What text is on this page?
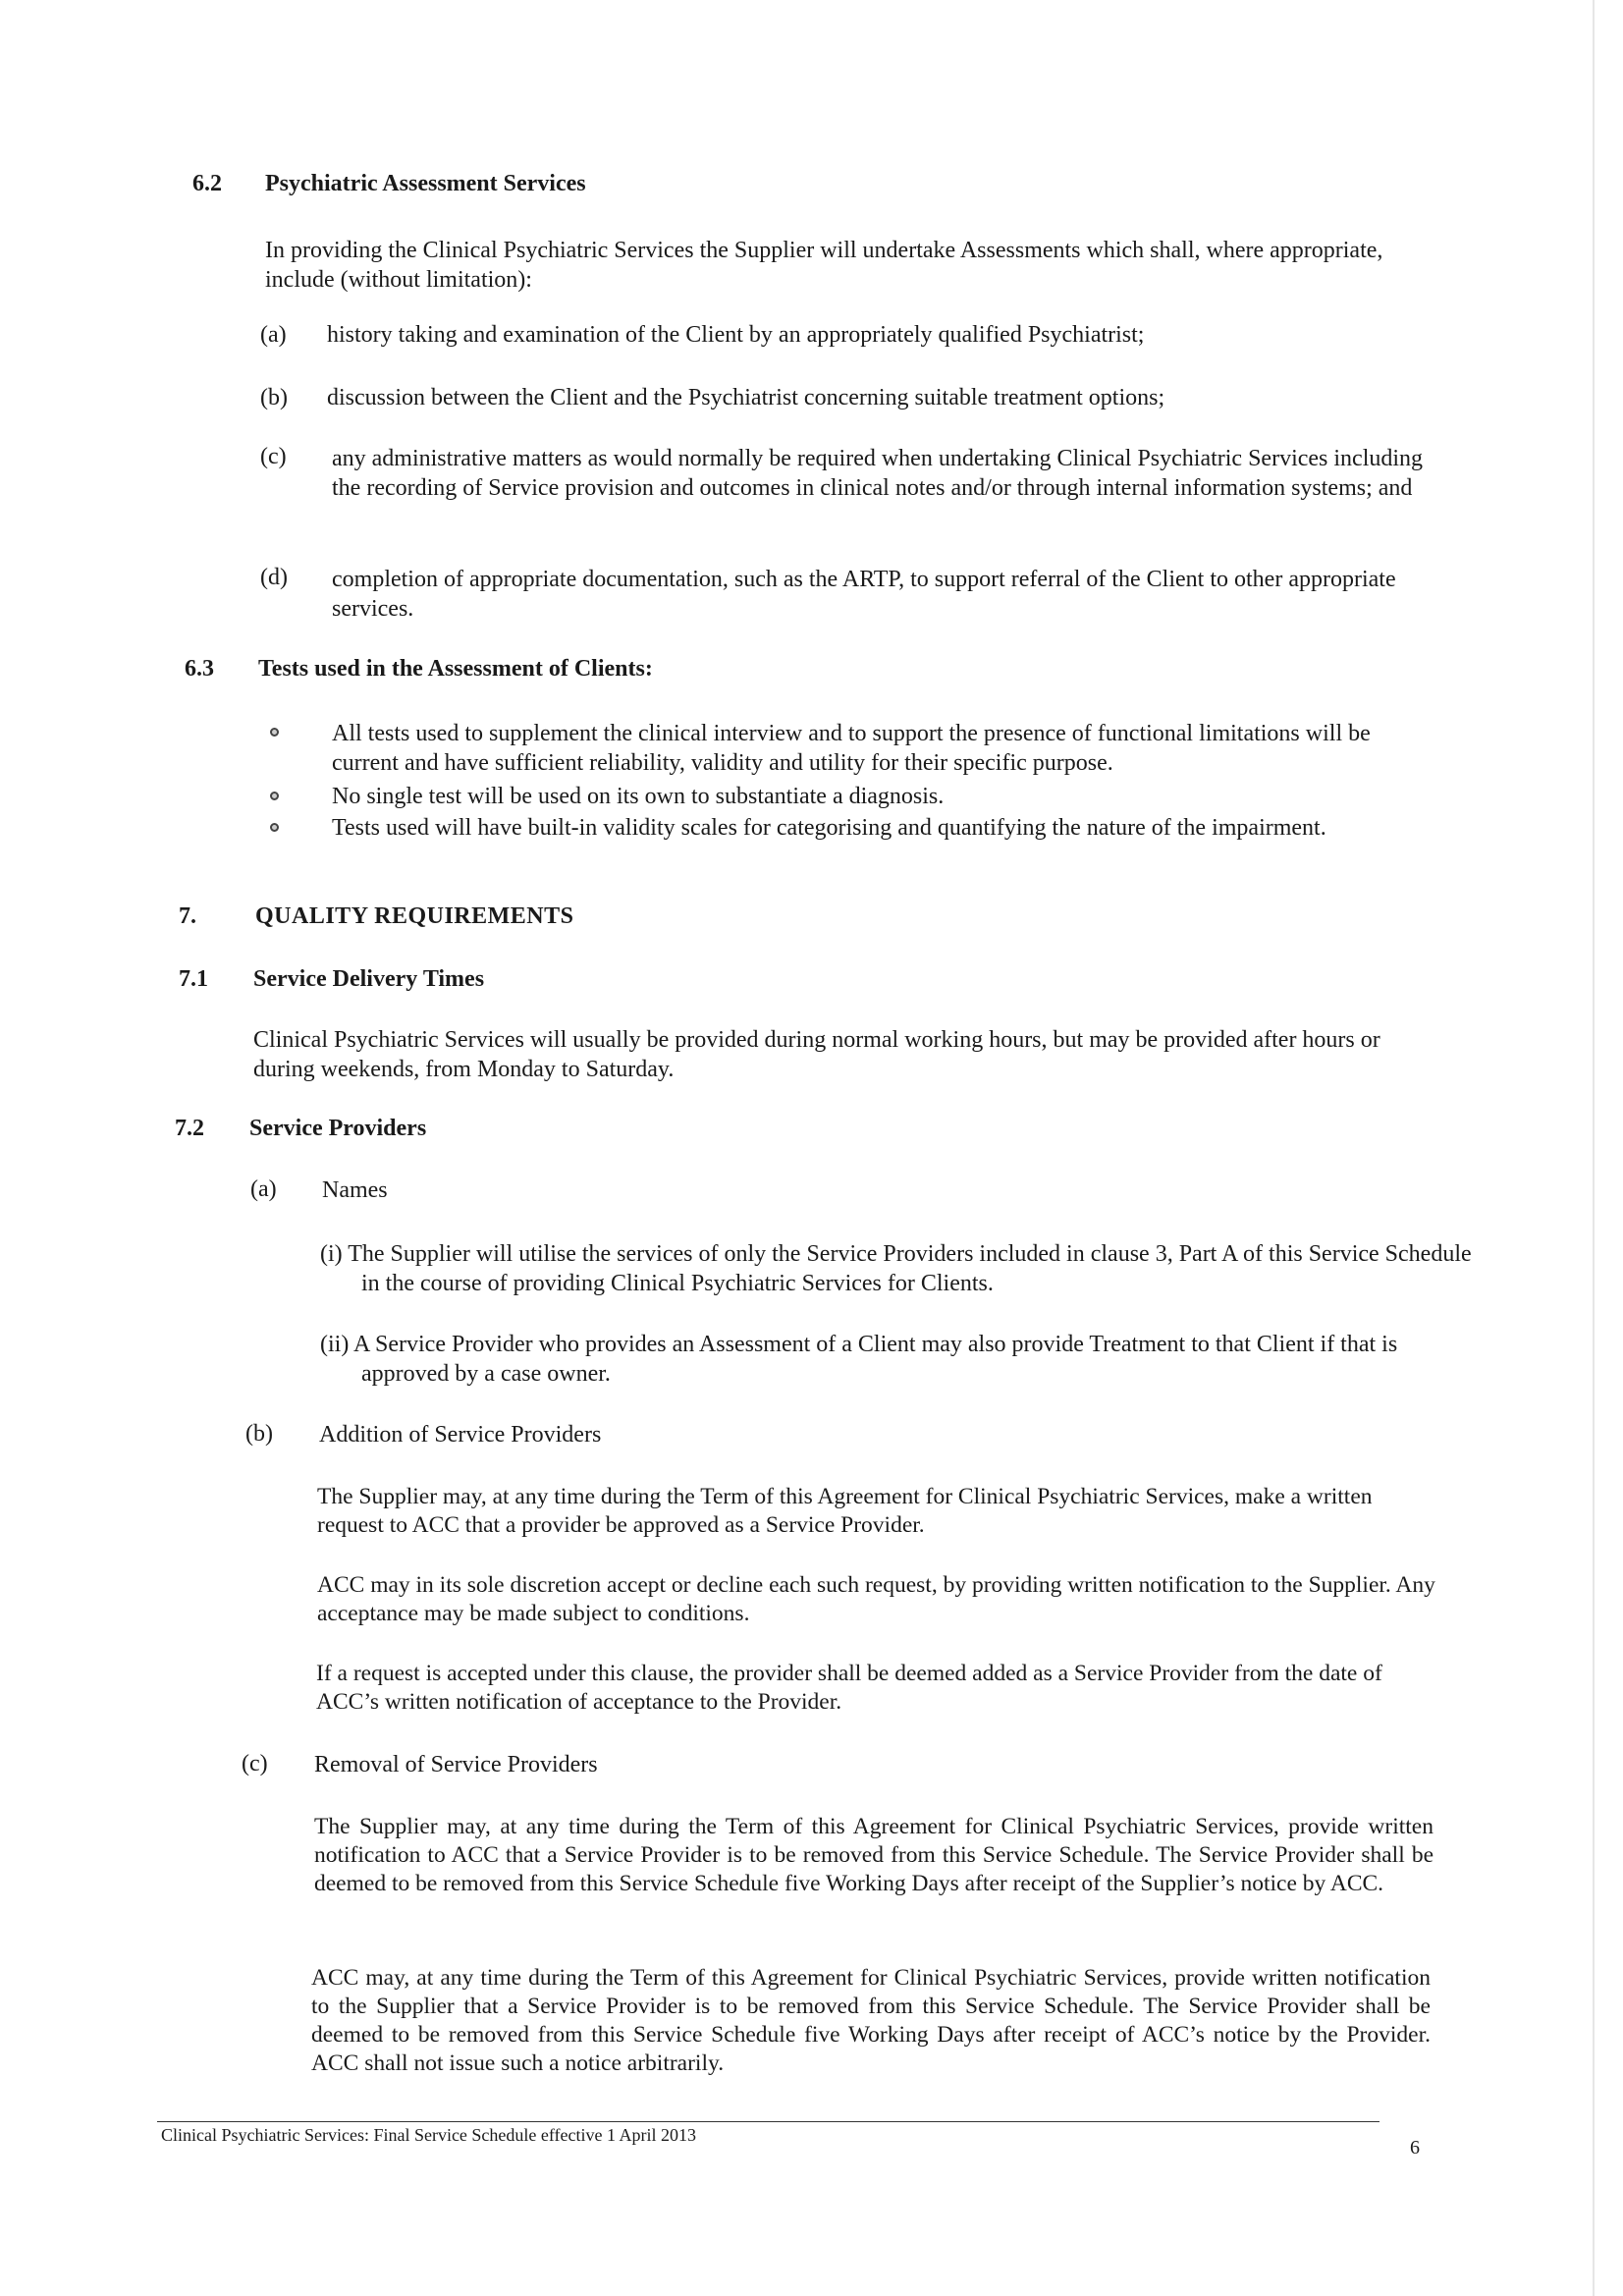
6.2 Psychiatric Assessment Services
In providing the Clinical Psychiatric Services the Supplier will undertake Assessments which shall, where appropriate, include (without limitation):
(a) history taking and examination of the Client by an appropriately qualified Psychiatrist;
(b) discussion between the Client and the Psychiatrist concerning suitable treatment options;
(c) any administrative matters as would normally be required when undertaking Clinical Psychiatric Services including the recording of Service provision and outcomes in clinical notes and/or through internal information systems; and
(d) completion of appropriate documentation, such as the ARTP, to support referral of the Client to other appropriate services.
6.3 Tests used in the Assessment of Clients:
All tests used to supplement the clinical interview and to support the presence of functional limitations will be current and have sufficient reliability, validity and utility for their specific purpose.
No single test will be used on its own to substantiate a diagnosis.
Tests used will have built-in validity scales for categorising and quantifying the nature of the impairment.
7.	QUALITY REQUIREMENTS
7.1 Service Delivery Times
Clinical Psychiatric Services will usually be provided during normal working hours, but may be provided after hours or during weekends, from Monday to Saturday.
7.2 Service Providers
(a) Names
(i) The Supplier will utilise the services of only the Service Providers included in clause 3, Part A of this Service Schedule in the course of providing Clinical Psychiatric Services for Clients.
(ii) A Service Provider who provides an Assessment of a Client may also provide Treatment to that Client if that is approved by a case owner.
(b) Addition of Service Providers
The Supplier may, at any time during the Term of this Agreement for Clinical Psychiatric Services, make a written request to ACC that a provider be approved as a Service Provider.
ACC may in its sole discretion accept or decline each such request, by providing written notification to the Supplier. Any acceptance may be made subject to conditions.
If a request is accepted under this clause, the provider shall be deemed added as a Service Provider from the date of ACC’s written notification of acceptance to the Provider.
(c) Removal of Service Providers
The Supplier may, at any time during the Term of this Agreement for Clinical Psychiatric Services, provide written notification to ACC that a Service Provider is to be removed from this Service Schedule. The Service Provider shall be deemed to be removed from this Service Schedule five Working Days after receipt of the Supplier’s notice by ACC.
ACC may, at any time during the Term of this Agreement for Clinical Psychiatric Services, provide written notification to the Supplier that a Service Provider is to be removed from this Service Schedule. The Service Provider shall be deemed to be removed from this Service Schedule five Working Days after receipt of ACC’s notice by the Provider. ACC shall not issue such a notice arbitrarily.
Clinical Psychiatric Services: Final Service Schedule effective 1 April 2013
6
